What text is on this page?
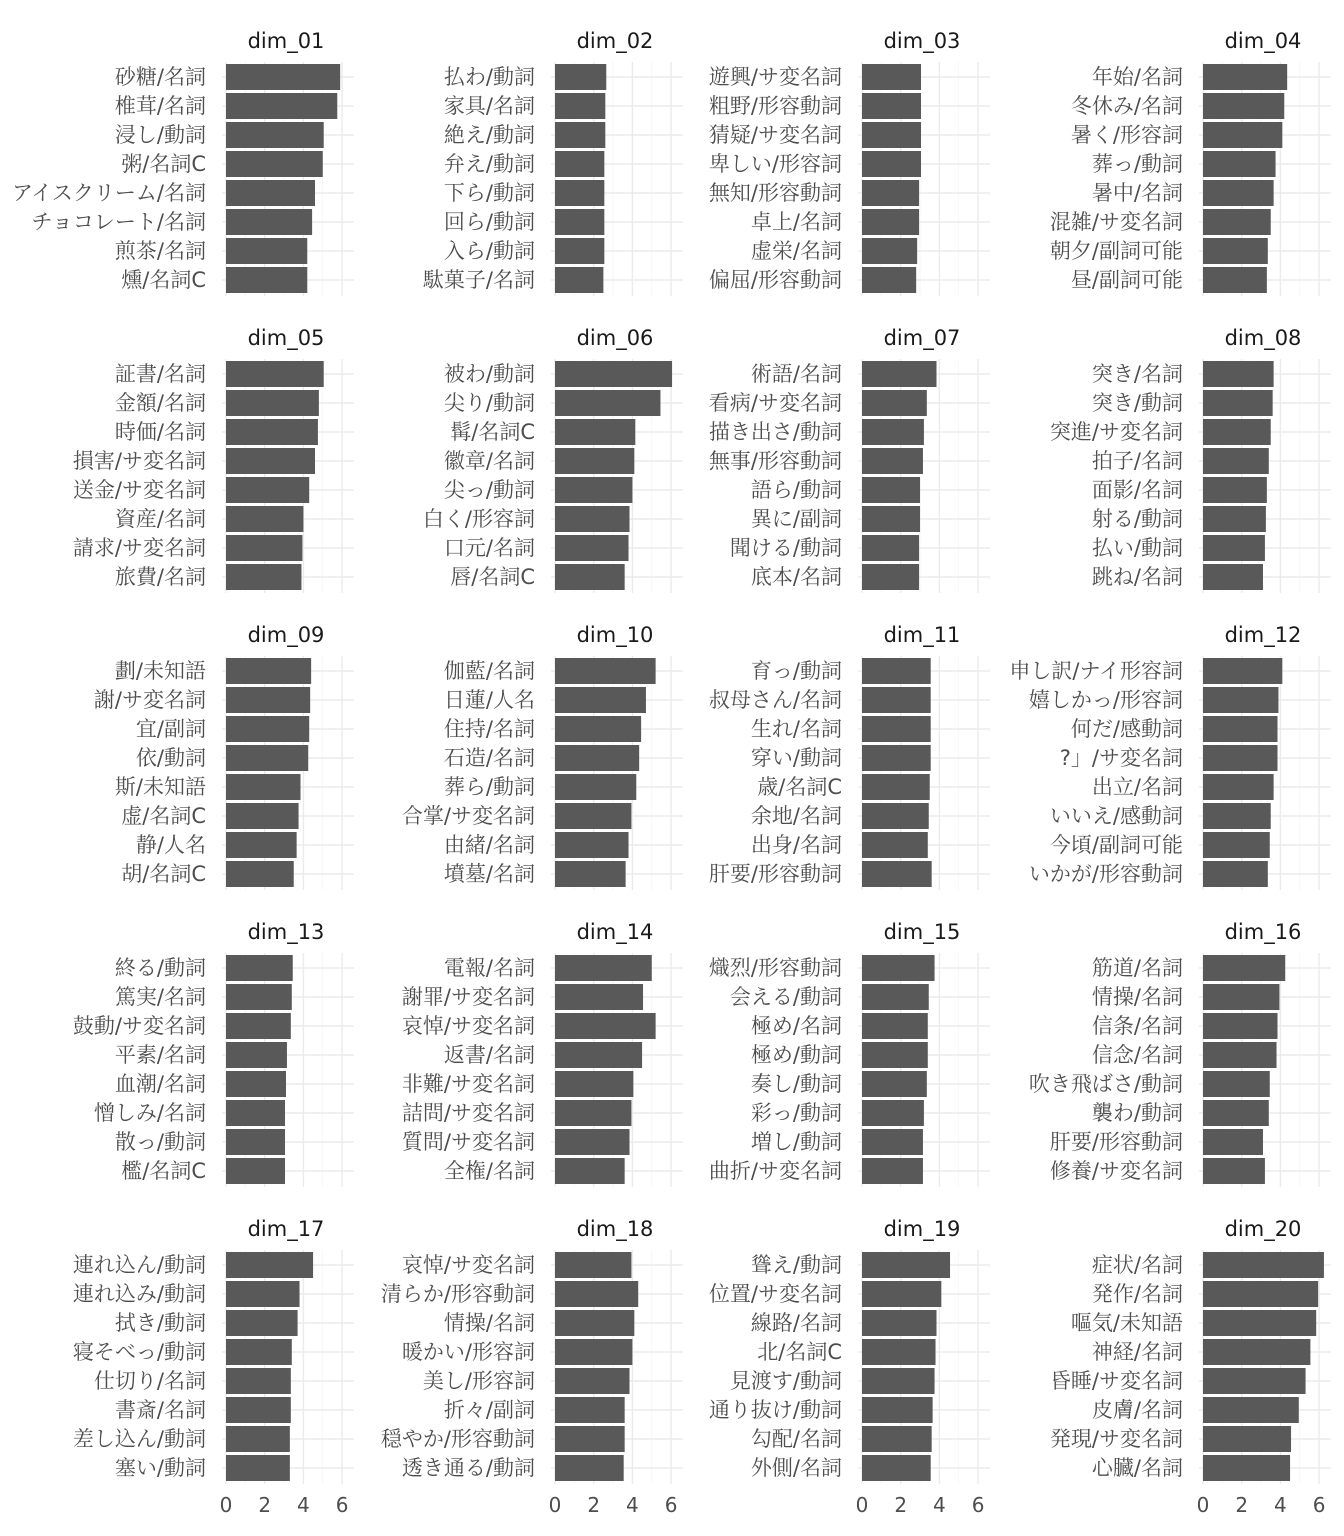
dim_01
砂糖/名詞
椎茸/名詞
浸し/動詞
粥/名詞C
アイスクリーム/名詞
チョコレート/名詞
煎茶/名詞
燻/名詞C
dim_02
払わ/動詞
家具/名詞
絶え/動詞
弁え/動詞
下ら/動詞
回ら/動詞
入ら/動詞
駄菓子/名詞
dim_03
遊興/サ変名詞
粗野/形容動詞
猜疑/サ変名詞
卑しい/形容詞
無知/形容動詞
卓上/名詞
虚栄/名詞
偏屈/形容動詞
dim_04
年始/名詞
冬休み/名詞
暑く/形容詞
葬っ/動詞
暑中/名詞
混雑/サ変名詞
朝夕/副詞可能
昼/副詞可能
dim_05
証書/名詞
金額/名詞
時価/名詞
損害/サ変名詞
送金/サ変名詞
資産/名詞
請求/サ変名詞
旅費/名詞
dim_06
被わ/動詞
尖り/動詞
髯/名詞C
徽章/名詞
尖っ/動詞
白く/形容詞
口元/名詞
唇/名詞C
dim_07
術語/名詞
看病/サ変名詞
描き出さ/動詞
無事/形容動詞
語ら/動詞
異に/副詞
聞ける/動詞
底本/名詞
dim_08
突き/名詞
突き/動詞
突進/サ変名詞
拍子/名詞
面影/名詞
射る/動詞
払い/動詞
跳ね/名詞
dim_09
劃/未知語
謝/サ変名詞
宜/副詞
依/動詞
斯/未知語
虚/名詞C
静/人名
胡/名詞C
dim_10
伽藍/名詞
日蓮/人名
住持/名詞
石造/名詞
葬ら/動詞
合掌/サ変名詞
由緒/名詞
墳墓/名詞
dim_11
育っ/動詞
叔母さん/名詞
生れ/名詞
穿い/動詞
歳/名詞C
余地/名詞
出身/名詞
肝要/形容動詞
dim_12
申し訳/ナイ形容詞
嬉しかっ/形容詞
何だ/感動詞
?」/サ変名詞
出立/名詞
いいえ/感動詞
今頃/副詞可能
いかが/形容動詞
dim_13
終る/動詞
篤実/名詞
鼓動/サ変名詞
平素/名詞
血潮/名詞
憎しみ/名詞
散っ/動詞
檻/名詞C
dim_14
電報/名詞
謝罪/サ変名詞
哀悼/サ変名詞
返書/名詞
非難/サ変名詞
詰問/サ変名詞
質問/サ変名詞
全権/名詞
dim_15
熾烈/形容動詞
会える/動詞
極め/名詞
極め/動詞
奏し/動詞
彩っ/動詞
増し/動詞
曲折/サ変名詞
dim_16
筋道/名詞
情操/名詞
信条/名詞
信念/名詞
吹き飛ばさ/動詞
襲わ/動詞
肝要/形容動詞
修養/サ変名詞
dim_17
連れ込ん/動詞
連れ込み/動詞
拭き/動詞
寝そべっ/動詞
仕切り/名詞
書斎/名詞
差し込ん/動詞
塞い/動詞
0 2 4 6
dim_18
哀悼/サ変名詞
清らか/形容動詞
情操/名詞
暖かい/形容詞
美し/形容詞
折々/副詞
穏やか/形容動詞
透き通る/動詞
0 2 4 6
dim_19
聳え/動詞
位置/サ変名詞
線路/名詞
北/名詞C
見渡す/動詞
通り抜け/動詞
勾配/名詞
外側/名詞
0 2 4 6
dim_20
症状/名詞
発作/名詞
嘔気/未知語
神経/名詞
昏睡/サ変名詞
皮膚/名詞
発現/サ変名詞
心臓/名詞
0 2 4 6
